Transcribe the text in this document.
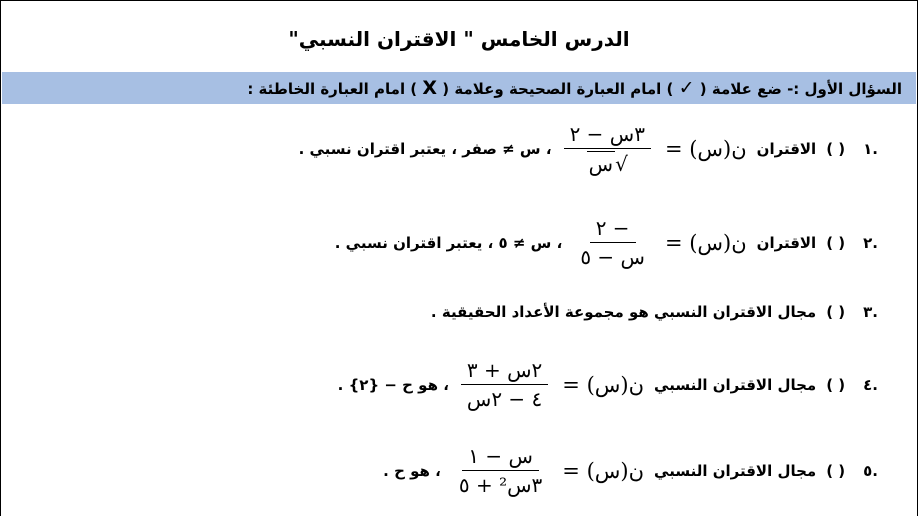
الدرس الخامس " الاقتران النسبي"
السؤال الأول :- ضع علامة ( ✓ ) امام العبارة الصحيحة وعلامة ( X ) امام العبارة الخاطئة :
.١
( )
الاقتران
ن(س) =
$\frac{\text{٣س − ٢}}{\text{√س}}$
، س ≠ صفر ، يعتبر اقتران نسبي .
.٢
( )
الاقتران
ن(س) =
$\frac{- ٢}{\text{س − ٥}}$
، س ≠ ٥ ، يعتبر اقتران نسبي .
.٣
( )
مجال الاقتران النسبي هو مجموعة الأعداد الحقيقية .
.٤
( )
مجال الاقتران النسبي
ن(س) =
$\frac{\text{٢س + ٣}}{\text{٤ − ٢س}}$
، هو ح − {٢} .
.٥
( )
مجال الاقتران النسبي
ن(س) =
$\frac{\text{س − ١}}{\text{٣س² + ٥}}$
، هو ح .
